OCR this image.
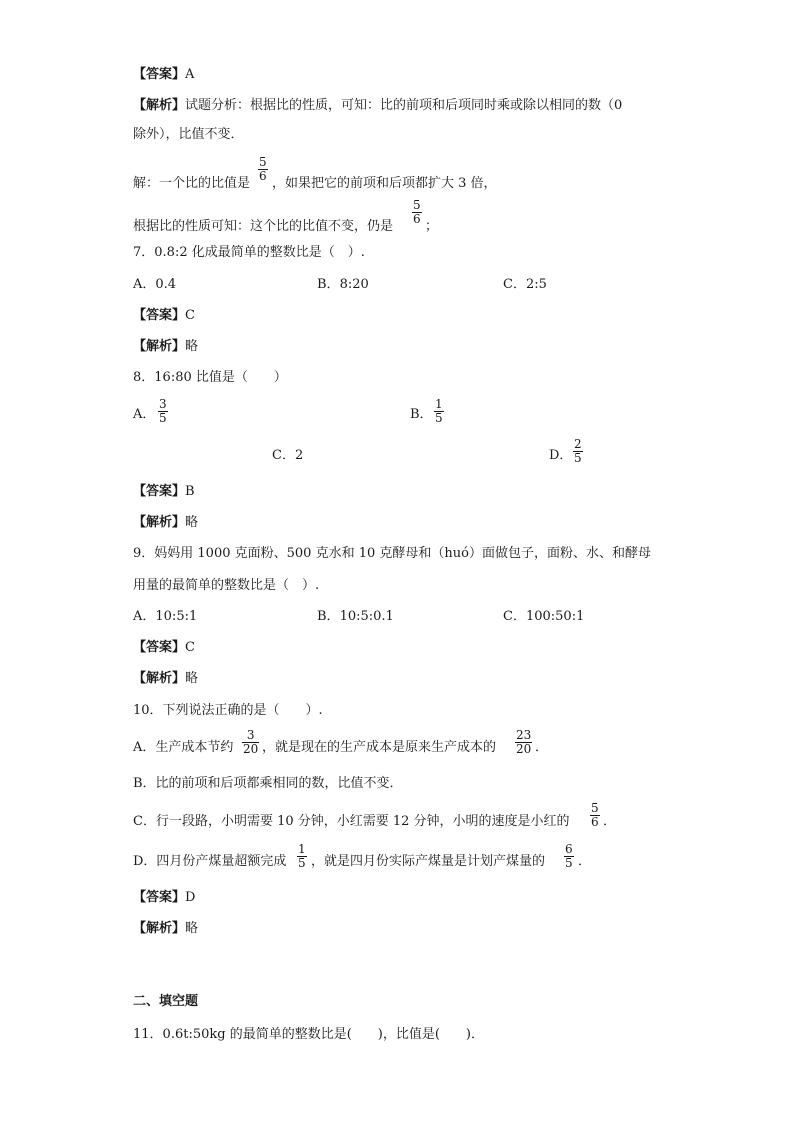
【答案】A
【解析】试题分析：根据比的性质，可知：比的前项和后项同时乘或除以相同的数（0
除外），比值不变．
解：一个比的比值是
$\frac{5}{6}$
，如果把它的前项和后项都扩大 3 倍，
根据比的性质可知：这个比的比值不变，仍是
$\frac{5}{6}$
；
7．0.8:2 化成最简单的整数比是（　）.
A．0.4	B．8:20	C．2:5
【答案】C
【解析】略
8．16:80 比值是（　　）
A． $\frac{3}{5}$	B． $\frac{1}{5}$
C．2	D． $\frac{2}{5}$
【答案】B
【解析】略
9．妈妈用 1000 克面粉、500 克水和 10 克酵母和（huó）面做包子，面粉、水、和酵母
用量的最简单的整数比是（　）.
A．10:5:1	B．10:5:0.1	C．100:50:1
【答案】C
【解析】略
10．下列说法正确的是（　　）.
A．生产成本节约 $\frac{3}{20}$ ，就是现在的生产成本是原来生产成本的 $\frac{23}{20}$ ．
B．比的前项和后项都乘相同的数，比值不变．
C．行一段路，小明需要 10 分钟，小红需要 12 分钟，小明的速度是小红的 $\frac{5}{6}$ ．
D．四月份产煤量超额完成 $\frac{1}{5}$ ，就是四月份实际产煤量是计划产煤量的 $\frac{6}{5}$ ．
【答案】D
【解析】略
二、填空题
11．0.6t:50kg 的最简单的整数比是(　　)，比值是(　　)．
